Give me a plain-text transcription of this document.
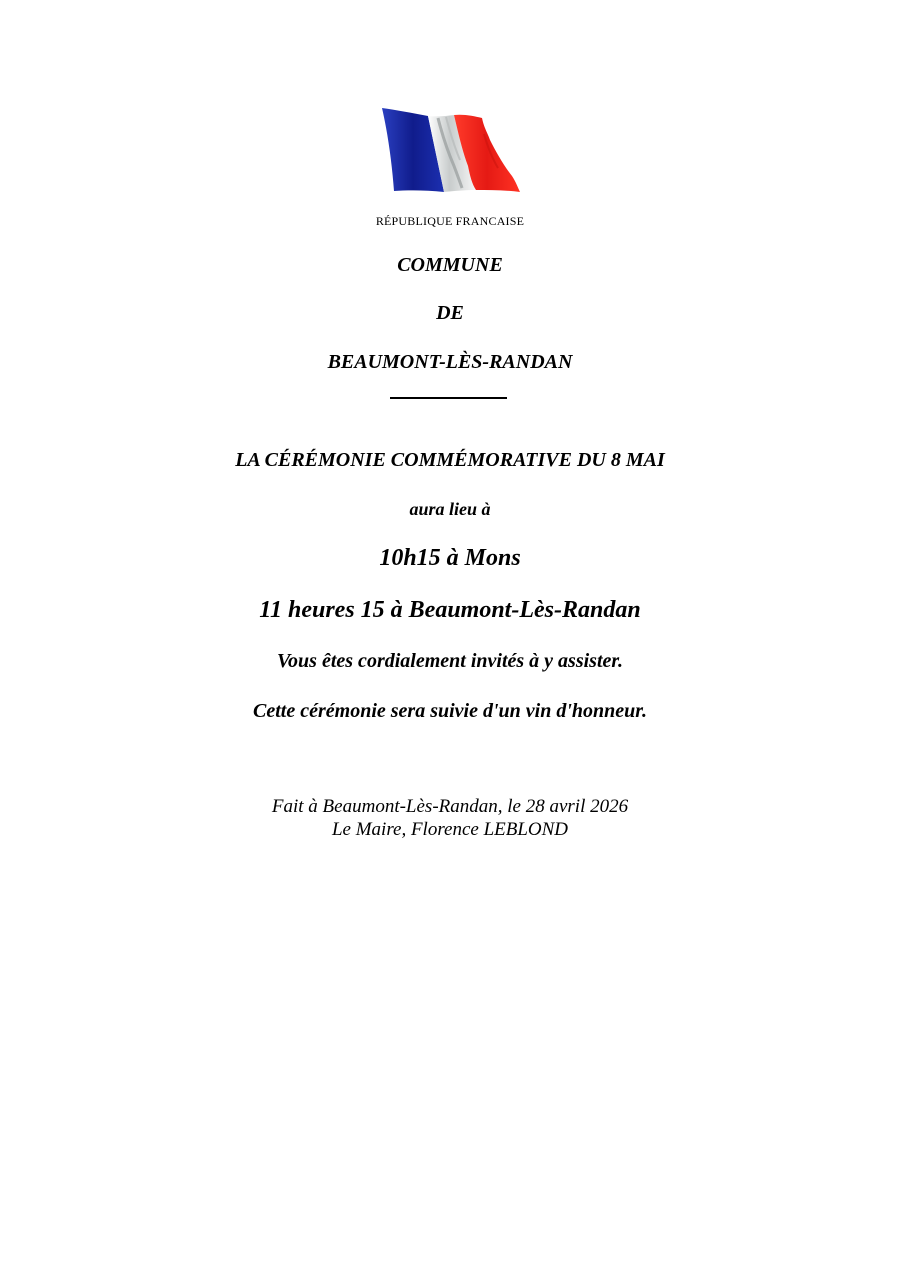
RÉPUBLIQUE FRANCAISE
COMMUNE
DE
BEAUMONT-LÈS-RANDAN
LA CÉRÉMONIE COMMÉMORATIVE DU 8 MAI
aura lieu à
10h15 à Mons
11 heures 15 à Beaumont-Lès-Randan
Vous êtes cordialement invités à y assister.
Cette cérémonie sera suivie d'un vin d'honneur.
Fait à Beaumont-Lès-Randan, le 28 avril 2026
Le Maire, Florence LEBLOND
